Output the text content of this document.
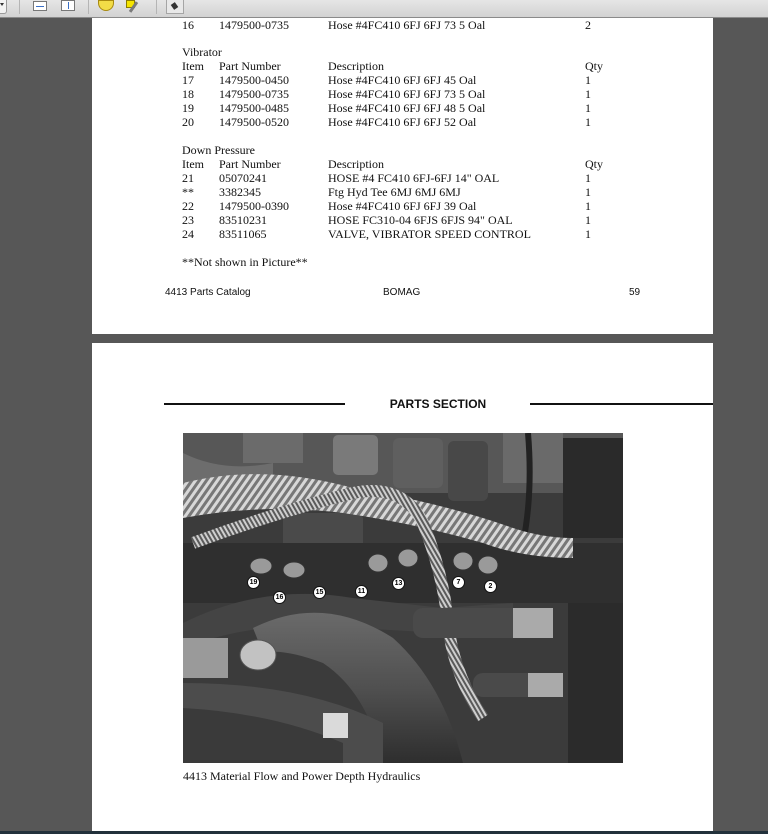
16 1479500-0735	Hose #4FC410 6FJ 6FJ 73 5 Oal	2
Vibrator
Item Part Number	Description	Qty
17 1479500-0450	Hose #4FC410 6FJ 6FJ 45 Oal	1
18 1479500-0735	Hose #4FC410 6FJ 6FJ 73 5 Oal	1
19 1479500-0485	Hose #4FC410 6FJ 6FJ 48 5 Oal	1
20 1479500-0520	Hose #4FC410 6FJ 6FJ 52 Oal	1
Down Pressure
Item Part Number	Description	Qty
21 05070241	HOSE #4 FC410 6FJ-6FJ 14" OAL	1
** 3382345	Ftg Hyd Tee 6MJ 6MJ 6MJ	1
22 1479500-0390	Hose #4FC410 6FJ 6FJ 39 Oal	1
23 83510231	HOSE FC310-04 6FJS 6FJS 94" OAL	1
24 83511065	VALVE, VIBRATOR SPEED CONTROL	1
**Not shown in Picture**
4413 Parts Catalog	BOMAG	59
PARTS SECTION
19
16
15	11
13	7
2
4413 Material Flow and Power Depth Hydraulics
